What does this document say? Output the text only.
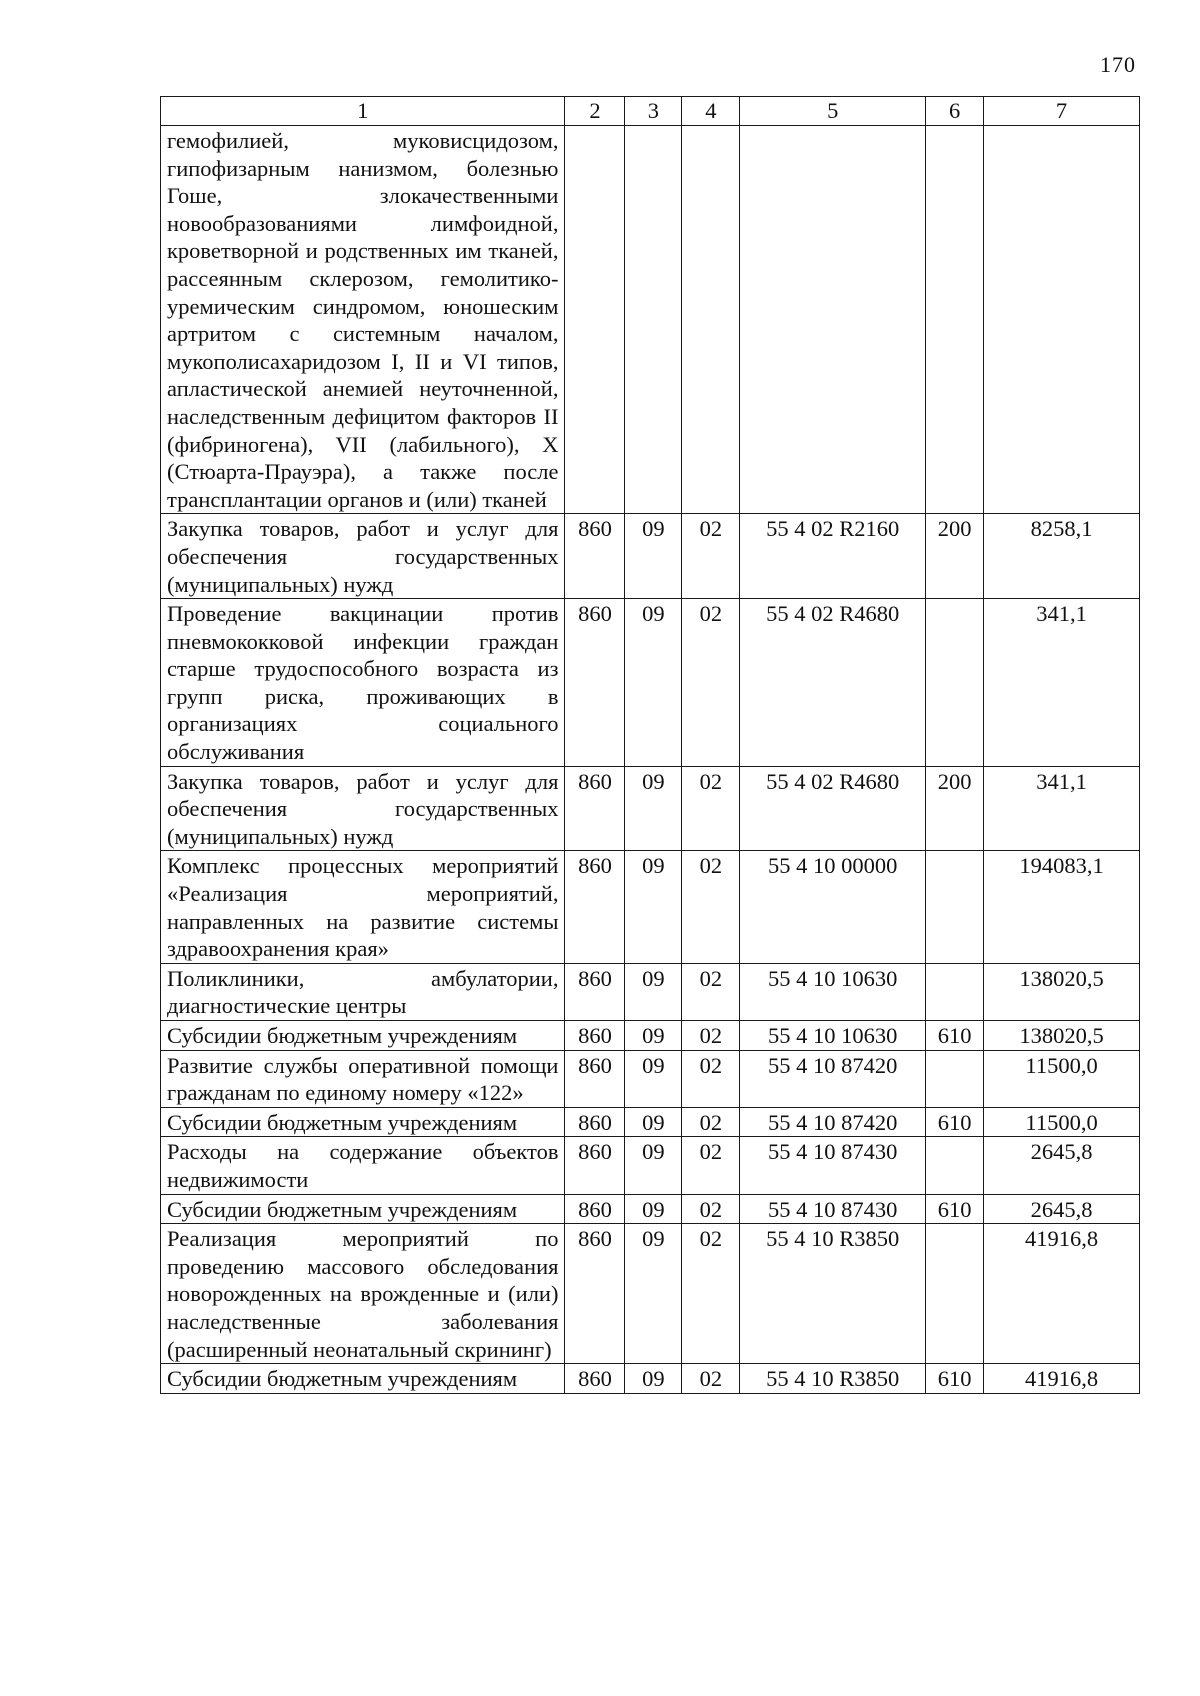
170
1	2	3	4	5	6	7
гемофилией, муковисцидозом, гипофизарным нанизмом, болезнью Гоше, злокачественными новообразованиями лимфоидной, кроветворной и родственных им тканей, рассеянным склерозом, гемолитико-уремическим синдромом, юношеским артритом с системным началом, мукополисахаридозом I, II и VI типов, апластической анемией неуточненной, наследственным дефицитом факторов II (фибриногена), VII (лабильного), X (Стюарта-Прауэра), а также после трансплантации органов и (или) тканей						
Закупка товаров, работ и услуг для обеспечения государственных (муниципальных) нужд	860	09	02	55 4 02 R2160	200	8258,1
Проведение вакцинации против пневмококковой инфекции граждан старше трудоспособного возраста из групп риска, проживающих в организациях социального обслуживания	860	09	02	55 4 02 R4680		341,1
Закупка товаров, работ и услуг для обеспечения государственных (муниципальных) нужд	860	09	02	55 4 02 R4680	200	341,1
Комплекс процессных мероприятий «Реализация мероприятий, направленных на развитие системы здравоохранения края»	860	09	02	55 4 10 00000		194083,1
Поликлиники, амбулатории, диагностические центры	860	09	02	55 4 10 10630		138020,5
Субсидии бюджетным учреждениям	860	09	02	55 4 10 10630	610	138020,5
Развитие службы оперативной помощи гражданам по единому номеру «122»	860	09	02	55 4 10 87420		11500,0
Субсидии бюджетным учреждениям	860	09	02	55 4 10 87420	610	11500,0
Расходы на содержание объектов недвижимости	860	09	02	55 4 10 87430		2645,8
Субсидии бюджетным учреждениям	860	09	02	55 4 10 87430	610	2645,8
Реализация мероприятий по проведению массового обследования новорожденных на врожденные и (или) наследственные заболевания (расширенный неонатальный скрининг)	860	09	02	55 4 10 R3850		41916,8
Субсидии бюджетным учреждениям	860	09	02	55 4 10 R3850	610	41916,8
